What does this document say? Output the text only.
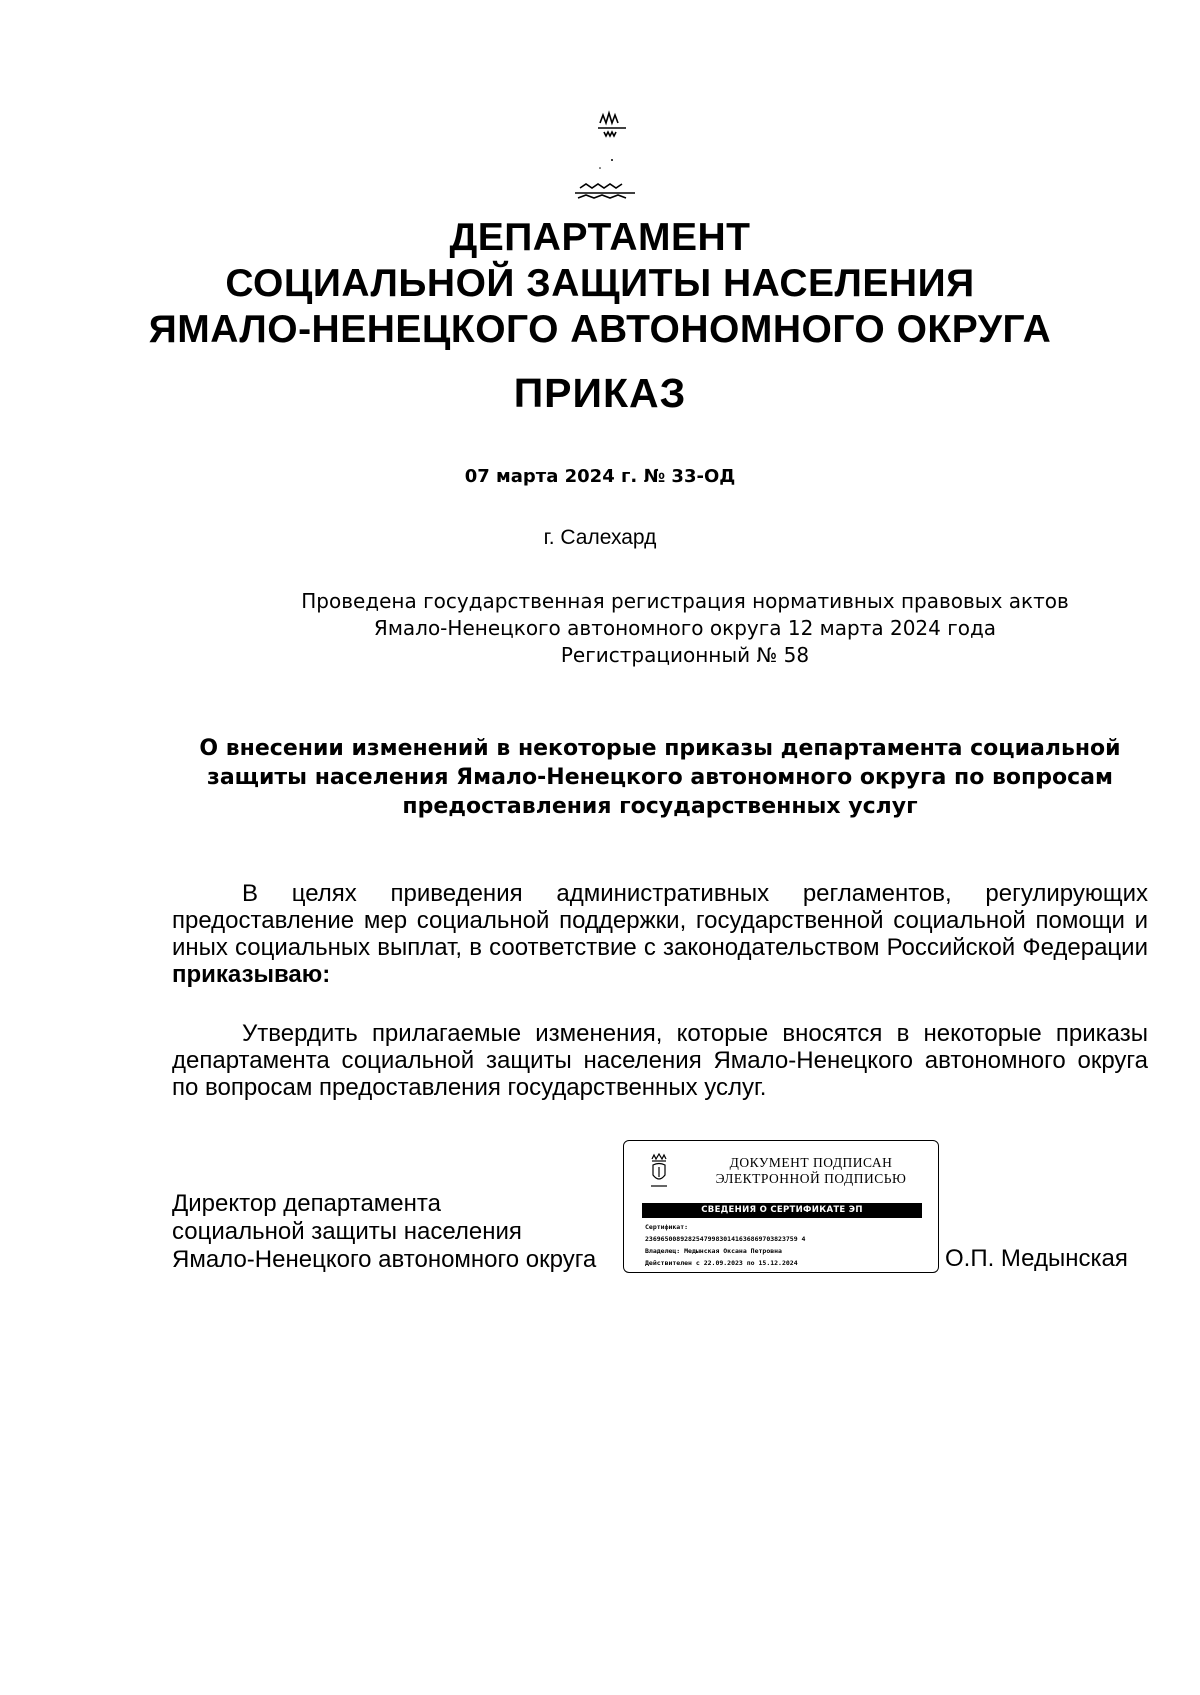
ДЕПАРТАМЕНТ
СОЦИАЛЬНОЙ ЗАЩИТЫ НАСЕЛЕНИЯ
ЯМАЛО-НЕНЕЦКОГО АВТОНОМНОГО ОКРУГА
ПРИКАЗ
07 марта 2024 г. № 33-ОД
г. Салехард
Проведена государственная регистрация нормативных правовых актов
Ямало-Ненецкого автономного округа 12 марта 2024 года
Регистрационный № 58
О внесении изменений в некоторые приказы департамента социальной
защиты населения Ямало-Ненецкого автономного округа по вопросам
предоставления государственных услуг
В целях приведения административных регламентов, регулирующих предоставление мер социальной поддержки, государственной социальной помощи и иных социальных выплат, в соответствие с законодательством Российской Федерации приказываю:
Утвердить прилагаемые изменения, которые вносятся в некоторые приказы департамента социальной защиты населения Ямало-Ненецкого автономного округа по вопросам предоставления государственных услуг.
Директор департамента
социальной защиты населения
Ямало-Ненецкого автономного округа
ДОКУМЕНТ ПОДПИСАН
ЭЛЕКТРОННОЙ ПОДПИСЬЮ
СВЕДЕНИЯ О СЕРТИФИКАТЕ ЭП
Сертификат:
236965008928254799830141636869703823759 4
Владелец: Медынская Оксана Петровна
Действителен с 22.09.2023 по 15.12.2024	О.П. Медынская
